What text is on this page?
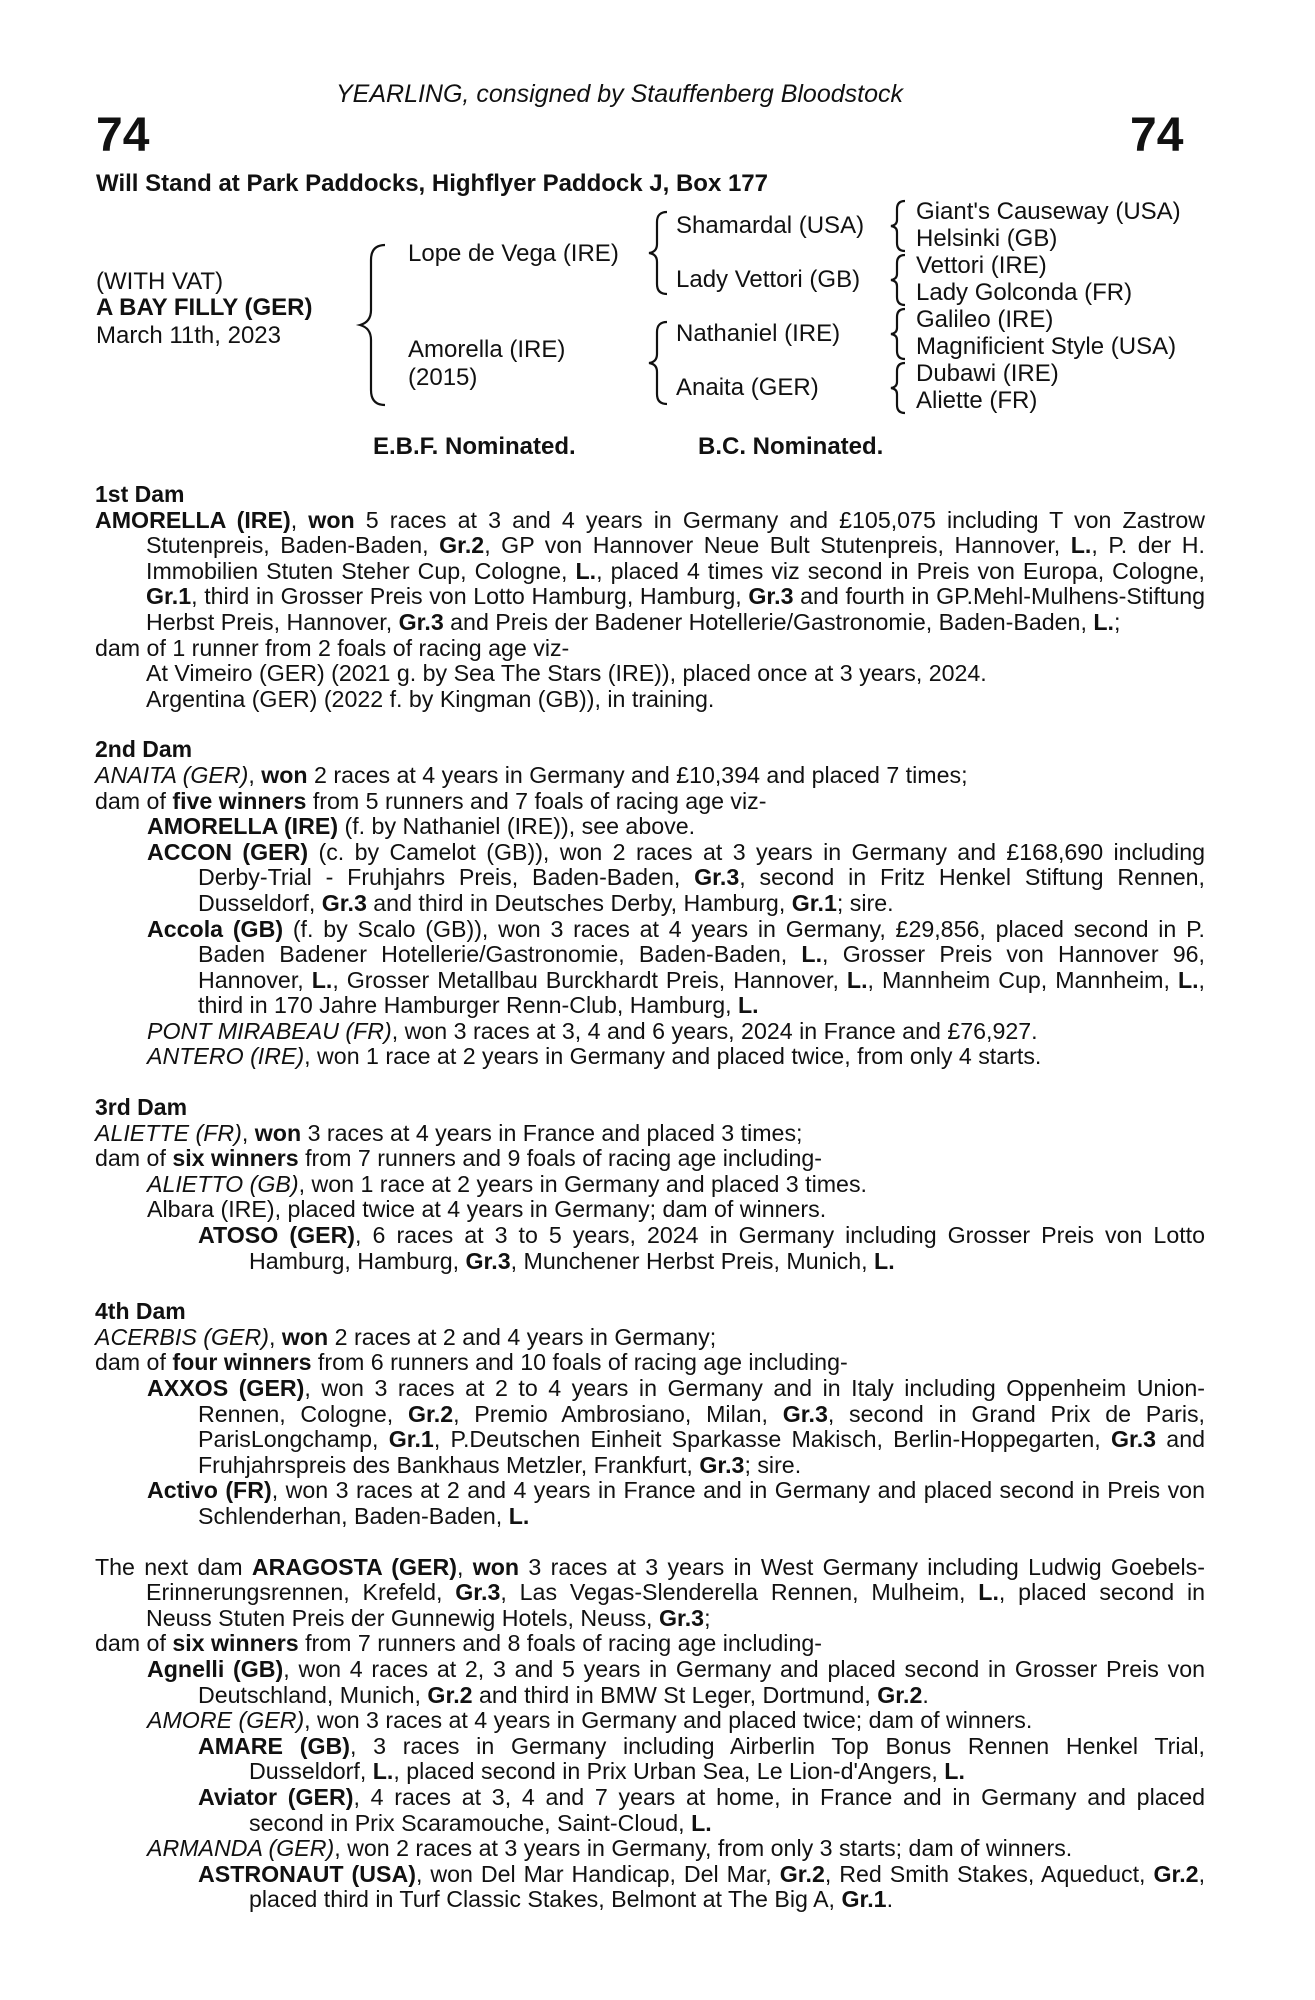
74	74
YEARLING, consigned by Stauffenberg Bloodstock
Will Stand at Park Paddocks, Highflyer Paddock J, Box 177
(WITH VAT)
A BAY FILLY (GER)
March 11th, 2023
Lope de Vega (IRE)
Amorella (IRE)
(2015)
Shamardal (USA)
Lady Vettori (GB)
Nathaniel (IRE)
Anaita (GER)
Giant's Causeway (USA)
Helsinki (GB)
Vettori (IRE)
Lady Golconda (FR)
Galileo (IRE)
Magnificient Style (USA)
Dubawi (IRE)
Aliette (FR)
E.B.F. Nominated.	B.C. Nominated.

1st Dam

AMORELLA (IRE), won 5 races at 3 and 4 years in Germany and £105,075 including T von Zastrow Stutenpreis, Baden-Baden, Gr.2, GP von Hannover Neue Bult Stutenpreis, Hannover, L., P. der H. Immobilien Stuten Steher Cup, Cologne, L., placed 4 times viz second in Preis von Europa, Cologne, Gr.1, third in Grosser Preis von Lotto Hamburg, Hamburg, Gr.3 and fourth in GP.Mehl-Mulhens-Stiftung Herbst Preis, Hannover, Gr.3 and Preis der Badener Hotellerie/Gastronomie, Baden-Baden, L.;

dam of 1 runner from 2 foals of racing age viz-

At Vimeiro (GER) (2021 g. by Sea The Stars (IRE)), placed once at 3 years, 2024.

Argentina (GER) (2022 f. by Kingman (GB)), in training.

2nd Dam

ANAITA (GER), won 2 races at 4 years in Germany and £10,394 and placed 7 times;

dam of five winners from 5 runners and 7 foals of racing age viz-

AMORELLA (IRE) (f. by Nathaniel (IRE)), see above.

ACCON (GER) (c. by Camelot (GB)), won 2 races at 3 years in Germany and £168,690 including Derby-Trial - Fruhjahrs Preis, Baden-Baden, Gr.3, second in Fritz Henkel Stiftung Rennen, Dusseldorf, Gr.3 and third in Deutsches Derby, Hamburg, Gr.1; sire.

Accola (GB) (f. by Scalo (GB)), won 3 races at 4 years in Germany, £29,856, placed second in P. Baden Badener Hotellerie/Gastronomie, Baden-Baden, L., Grosser Preis von Hannover 96, Hannover, L., Grosser Metallbau Burckhardt Preis, Hannover, L., Mannheim Cup, Mannheim, L., third in 170 Jahre Hamburger Renn-Club, Hamburg, L.

PONT MIRABEAU (FR), won 3 races at 3, 4 and 6 years, 2024 in France and £76,927.

ANTERO (IRE), won 1 race at 2 years in Germany and placed twice, from only 4 starts.

3rd Dam

ALIETTE (FR), won 3 races at 4 years in France and placed 3 times;

dam of six winners from 7 runners and 9 foals of racing age including-

ALIETTO (GB), won 1 race at 2 years in Germany and placed 3 times.

Albara (IRE), placed twice at 4 years in Germany; dam of winners.

ATOSO (GER), 6 races at 3 to 5 years, 2024 in Germany including Grosser Preis von Lotto Hamburg, Hamburg, Gr.3, Munchener Herbst Preis, Munich, L.

4th Dam

ACERBIS (GER), won 2 races at 2 and 4 years in Germany;

dam of four winners from 6 runners and 10 foals of racing age including-

AXXOS (GER), won 3 races at 2 to 4 years in Germany and in Italy including Oppenheim Union-Rennen, Cologne, Gr.2, Premio Ambrosiano, Milan, Gr.3, second in Grand Prix de Paris, ParisLongchamp, Gr.1, P.Deutschen Einheit Sparkasse Makisch, Berlin-Hoppegarten, Gr.3 and Fruhjahrspreis des Bankhaus Metzler, Frankfurt, Gr.3; sire.

Activo (FR), won 3 races at 2 and 4 years in France and in Germany and placed second in Preis von Schlenderhan, Baden-Baden, L.

The next dam ARAGOSTA (GER), won 3 races at 3 years in West Germany including Ludwig Goebels-Erinnerungsrennen, Krefeld, Gr.3, Las Vegas-Slenderella Rennen, Mulheim, L., placed second in Neuss Stuten Preis der Gunnewig Hotels, Neuss, Gr.3;

dam of six winners from 7 runners and 8 foals of racing age including-

Agnelli (GB), won 4 races at 2, 3 and 5 years in Germany and placed second in Grosser Preis von Deutschland, Munich, Gr.2 and third in BMW St Leger, Dortmund, Gr.2.

AMORE (GER), won 3 races at 4 years in Germany and placed twice; dam of winners.

AMARE (GB), 3 races in Germany including Airberlin Top Bonus Rennen Henkel Trial, Dusseldorf, L., placed second in Prix Urban Sea, Le Lion-d'Angers, L.

Aviator (GER), 4 races at 3, 4 and 7 years at home, in France and in Germany and placed second in Prix Scaramouche, Saint-Cloud, L.

ARMANDA (GER), won 2 races at 3 years in Germany, from only 3 starts; dam of winners.

ASTRONAUT (USA), won Del Mar Handicap, Del Mar, Gr.2, Red Smith Stakes, Aqueduct, Gr.2, placed third in Turf Classic Stakes, Belmont at The Big A, Gr.1.
